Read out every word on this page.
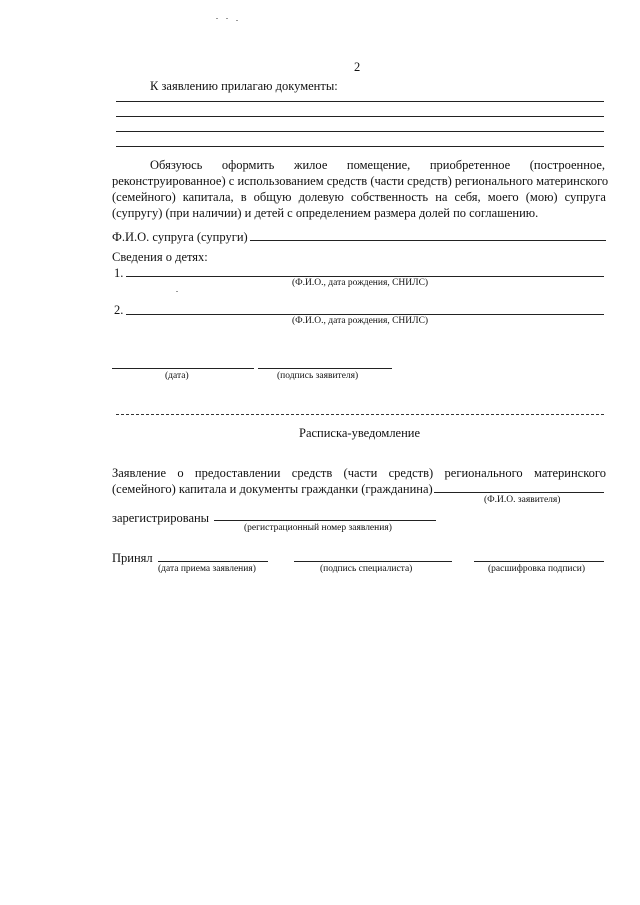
2
К заявлению прилагаю документы:
Обязуюсь оформить жилое помещение, приобретенное (построенное,
реконструированное) с использованием средств (части средств) регионального материнского
(семейного) капитала, в общую долевую собственность на себя, моего (мою) супруга
(супругу) (при наличии) и детей с определением размера долей по соглашению.
Ф.И.О. супруга (супруги)
Сведения о детях:
1.
(Ф.И.О., дата рождения, СНИЛС)
2.
(Ф.И.О., дата рождения, СНИЛС)
(дата)	(подпись заявителя)
Расписка-уведомление
Заявление о предоставлении средств (части средств) регионального материнского
(семейного) капитала и документы гражданки (гражданина)
(Ф.И.О. заявителя)
зарегистрированы
(регистрационный номер заявления)
Принял
(дата приема заявления)	(подпись специалиста)	(расшифровка подписи)
